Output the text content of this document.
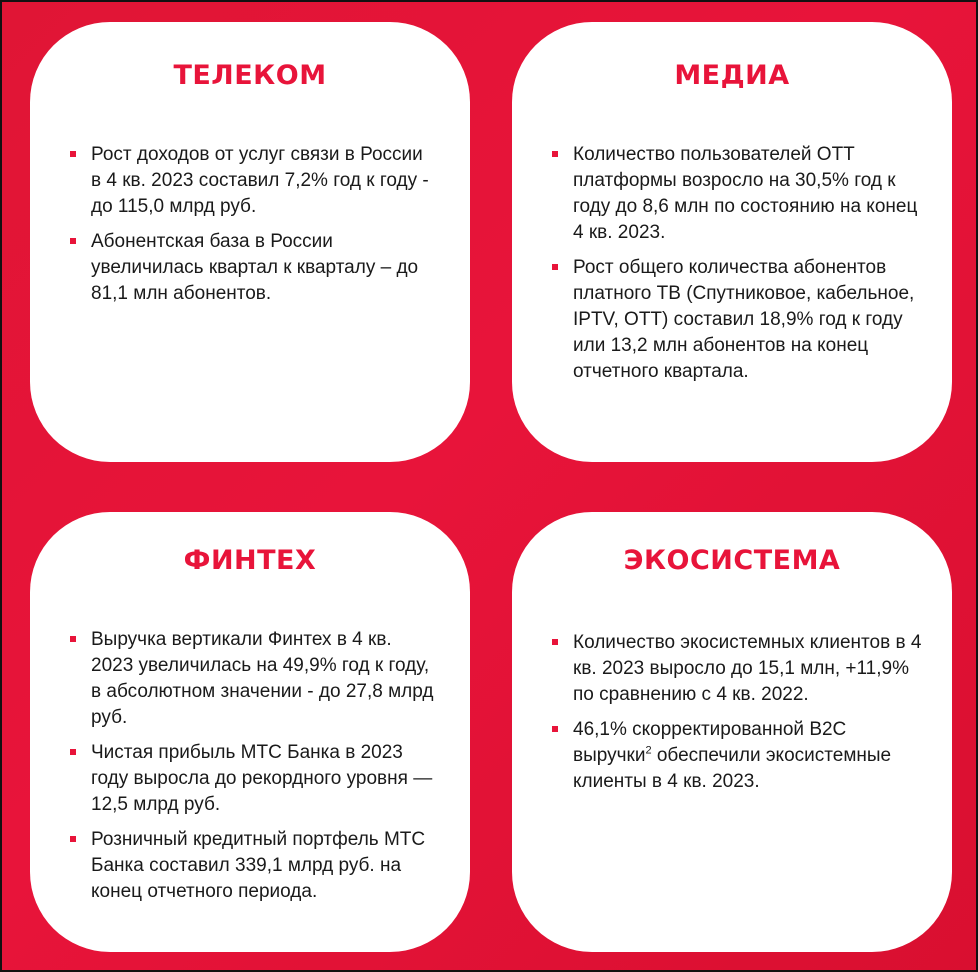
ТЕЛЕКОМ
Рост доходов от услуг связи в России в 4 кв. 2023 составил 7,2% год к году - до 115,0 млрд руб.
Абонентская база в России увеличилась квартал к кварталу – до 81,1 млн абонентов.
МЕДИА
Количество пользователей OTT платформы возросло на 30,5% год к году до 8,6 млн по состоянию на конец 4 кв. 2023.
Рост общего количества абонентов платного ТВ (Спутниковое, кабельное, IPTV, OTT) составил 18,9% год к году или 13,2 млн абонентов на конец отчетного квартала.
ФИНТЕХ
Выручка вертикали Финтех в 4 кв. 2023 увеличилась на 49,9% год к году, в абсолютном значении - до 27,8 млрд руб.
Чистая прибыль МТС Банка в 2023 году выросла до рекордного уровня — 12,5 млрд руб.
Розничный кредитный портфель МТС Банка составил 339,1 млрд руб. на конец отчетного периода.
ЭКОСИСТЕМА
Количество экосистемных клиентов в 4 кв. 2023 выросло до 15,1 млн, +11,9% по сравнению с 4 кв. 2022.
46,1% скорректированной B2C выручки$^2$ обеспечили экосистемные клиенты в 4 кв. 2023.
